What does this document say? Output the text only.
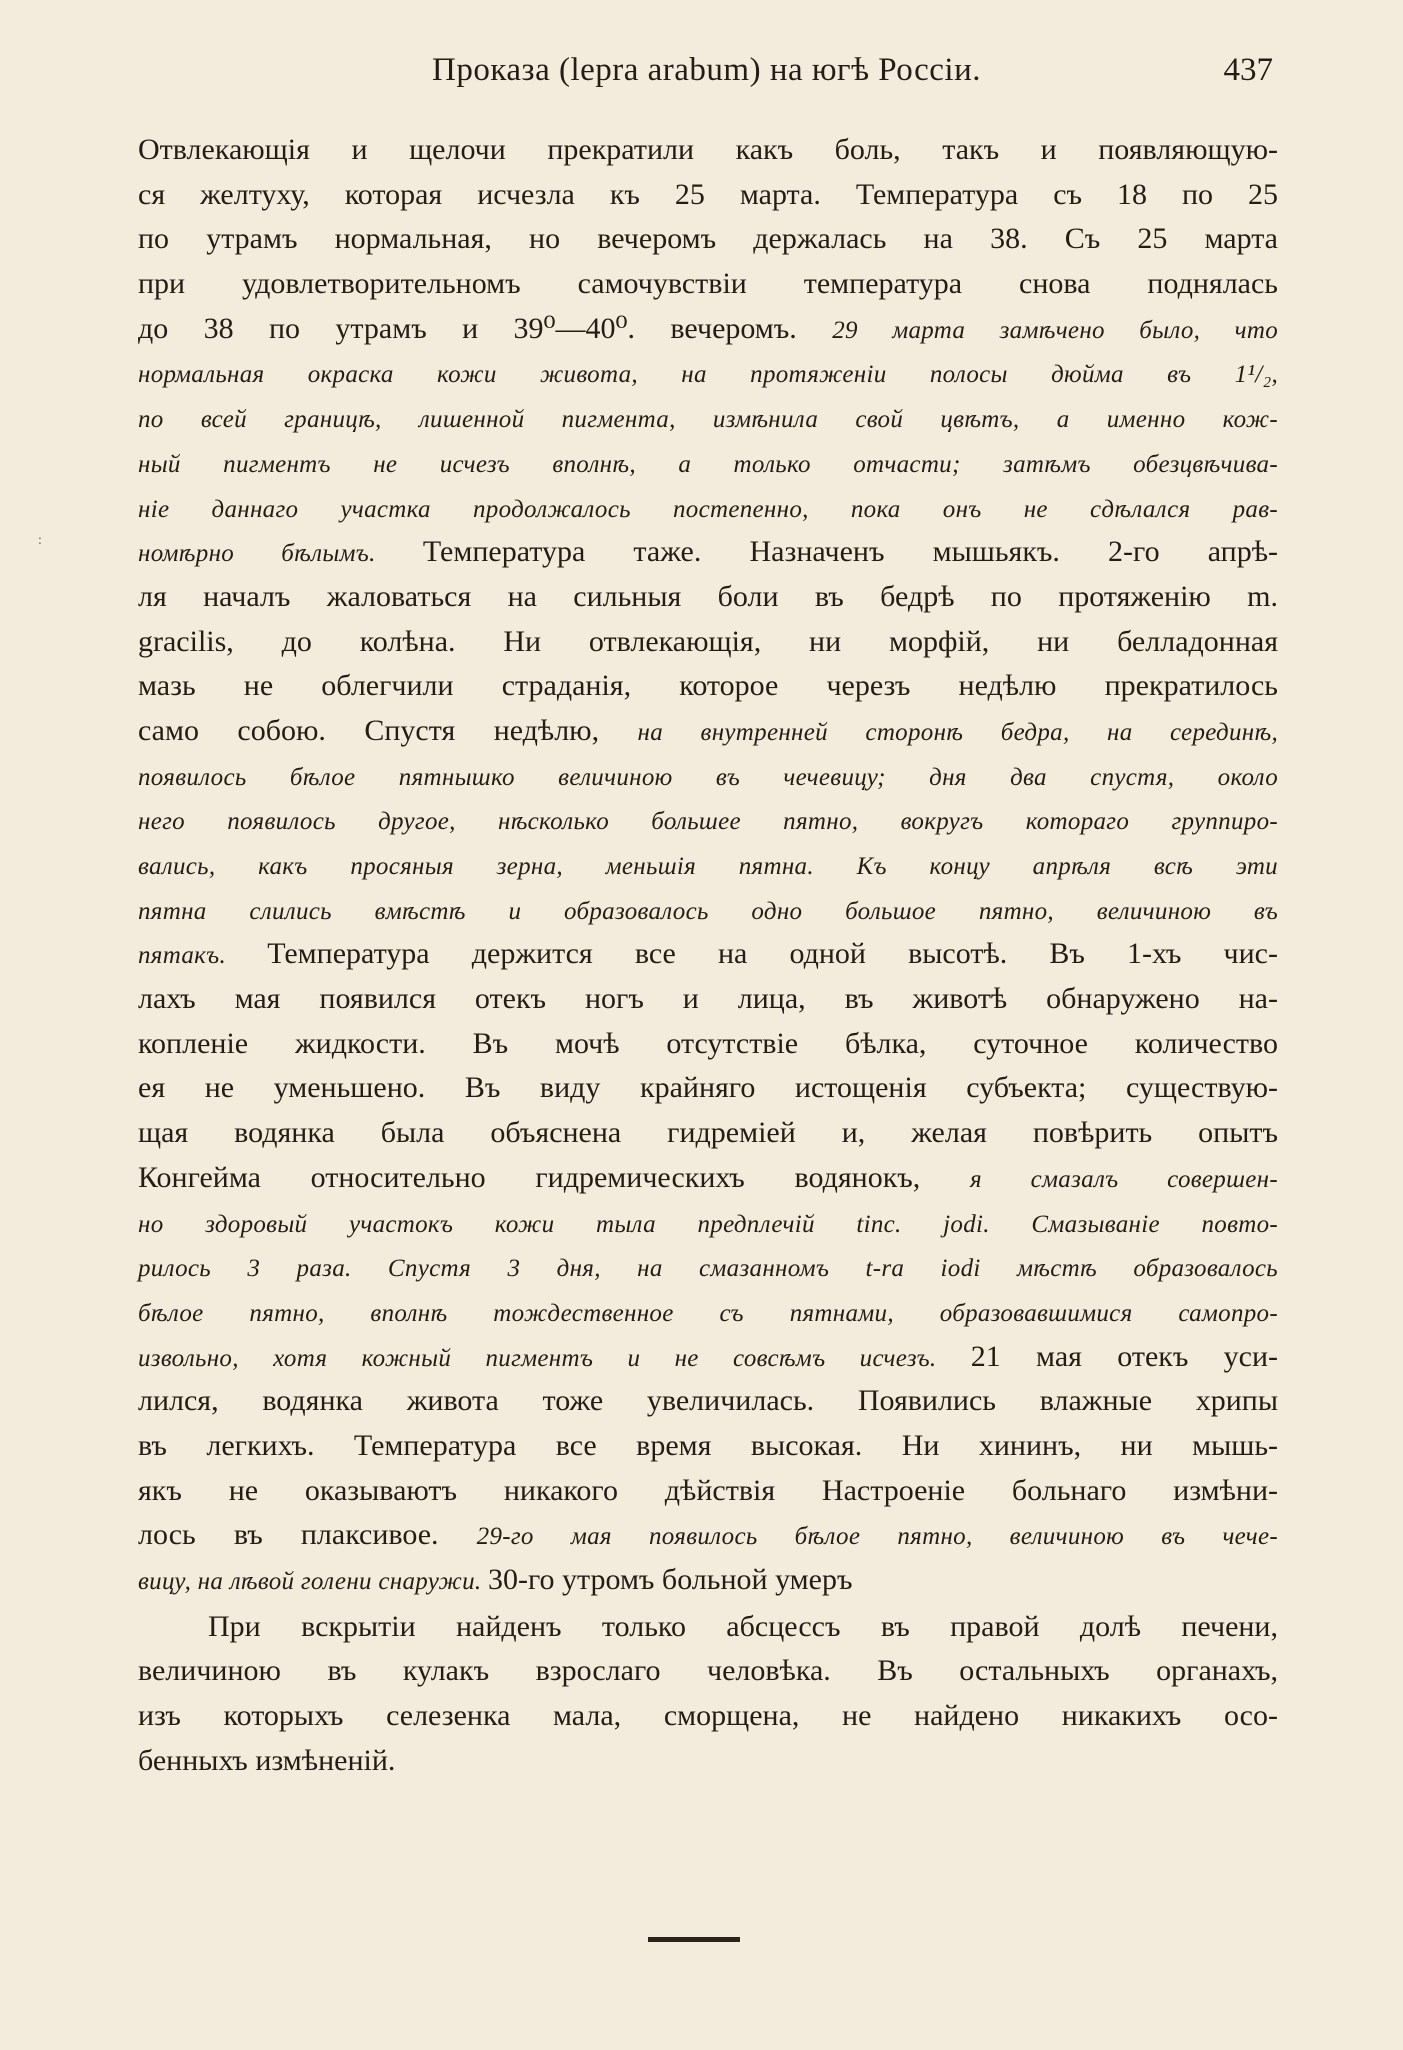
Проказа (lepra arabum) на югѣ Россіи.	437
:
Отвлекающія и щелочи прекратили какъ боль, такъ и появляющую-
ся желтуху, которая исчезла къ 25 марта. Температура съ 18 по 25
по утрамъ нормальная, но вечеромъ держалась на 38. Съ 25 марта
при удовлетворительномъ самочувствіи температура снова поднялась
до 38 по утрамъ и 39⁰—40⁰. вечеромъ. 29 марта замѣчено было, что
нормальная окраска кожи живота, на протяженіи полосы дюйма въ 1¹/₂,
по всей границѣ, лишенной пигмента, измѣнила свой цвѣтъ, а именно кож-
ный пигментъ не исчезъ вполнѣ, а только отчасти; затѣмъ обезцвѣчива-
ніе даннаго участка продолжалось постепенно, пока онъ не сдѣлался рав-
номѣрно бѣлымъ. Температура таже. Назначенъ мышьякъ. 2-го апрѣ-
ля началъ жаловаться на сильныя боли въ бедрѣ по протяженію m.
gracilis, до колѣна. Ни отвлекающія, ни морфій, ни белладонная
мазь не облегчили страданія, которое черезъ недѣлю прекратилось
само собою. Спустя недѣлю, на внутренней сторонѣ бедра, на серединѣ,
появилось бѣлое пятнышко величиною въ чечевицу; дня два спустя, около
него появилось другое, нѣсколько большее пятно, вокругъ котораго группиро-
вались, какъ просяныя зерна, меньшія пятна. Къ концу апрѣля всѣ эти
пятна слились вмѣстѣ и образовалось одно большое пятно, величиною въ
пятакъ. Температура держится все на одной высотѣ. Въ 1-хъ чис-
лахъ мая появился отекъ ногъ и лица, въ животѣ обнаружено на-
копленіе жидкости. Въ мочѣ отсутствіе бѣлка, суточное количество
ея не уменьшено. Въ виду крайняго истощенія субъекта; существую-
щая водянка была объяснена гидреміей и, желая повѣрить опытъ
Конгейма относительно гидремическихъ водянокъ, я смазалъ совершен-
но здоровый участокъ кожи тыла предплечій tinc. jodi. Смазываніе повто-
рилось 3 раза. Спустя 3 дня, на смазанномъ t-ra iodi мѣстѣ образовалось
бѣлое пятно, вполнѣ тождественное съ пятнами, образовавшимися самопро-
извольно, хотя кожный пигментъ и не совсѣмъ исчезъ. 21 мая отекъ уси-
лился, водянка живота тоже увеличилась. Появились влажные хрипы
въ легкихъ. Температура все время высокая. Ни хининъ, ни мышь-
якъ не оказываютъ никакого дѣйствія Настроеніе больнаго измѣни-
лось въ плаксивое. 29-го мая появилось бѣлое пятно, величиною въ чече-
вицу, на лѣвой голени снаружи. 30-го утромъ больной умеръ
При вскрытіи найденъ только абсцессъ въ правой долѣ печени,
величиною въ кулакъ взрослаго человѣка. Въ остальныхъ органахъ,
изъ которыхъ селезенка мала, сморщена, не найдено никакихъ осо-
бенныхъ измѣненій.
